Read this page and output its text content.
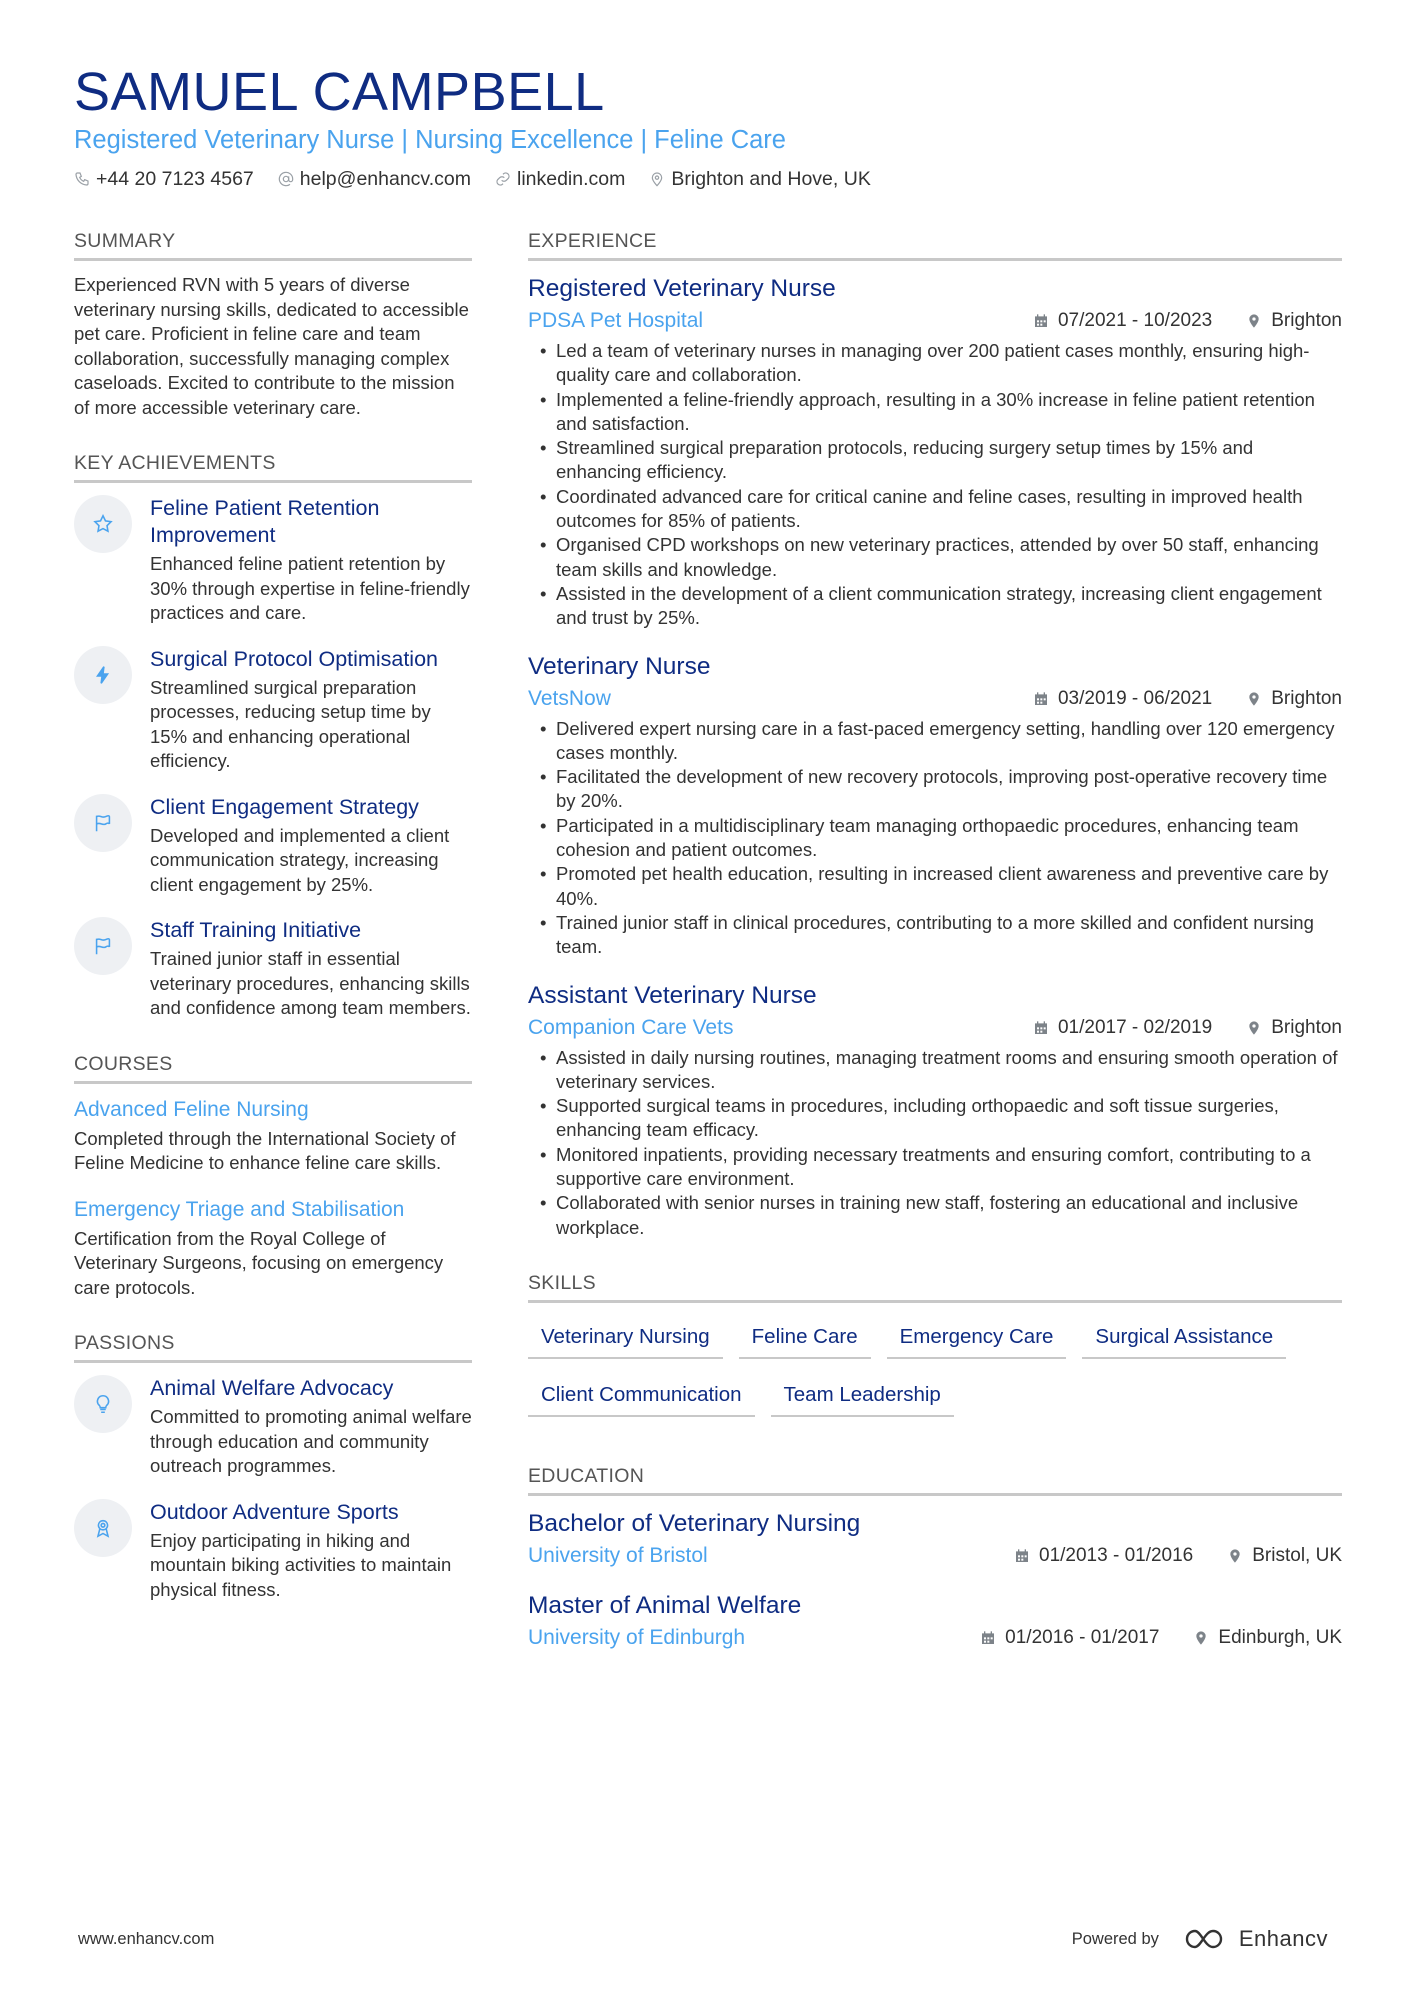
SAMUEL CAMPBELL
Registered Veterinary Nurse | Nursing Excellence | Feline Care
+44 20 7123 4567 help@enhancv.com linkedin.com Brighton and Hove, UK
SUMMARY
Experienced RVN with 5 years of diverse veterinary nursing skills, dedicated to accessible pet care. Proficient in feline care and team collaboration, successfully managing complex caseloads. Excited to contribute to the mission of more accessible veterinary care.
KEY ACHIEVEMENTS
Feline Patient Retention Improvement
Enhanced feline patient retention by 30% through expertise in feline-friendly practices and care.
Surgical Protocol Optimisation
Streamlined surgical preparation processes, reducing setup time by 15% and enhancing operational efficiency.
Client Engagement Strategy
Developed and implemented a client communication strategy, increasing client engagement by 25%.
Staff Training Initiative
Trained junior staff in essential veterinary procedures, enhancing skills and confidence among team members.
COURSES
Advanced Feline Nursing
Completed through the International Society of Feline Medicine to enhance feline care skills.
Emergency Triage and Stabilisation
Certification from the Royal College of Veterinary Surgeons, focusing on emergency care protocols.
PASSIONS
Animal Welfare Advocacy
Committed to promoting animal welfare through education and community outreach programmes.
Outdoor Adventure Sports
Enjoy participating in hiking and mountain biking activities to maintain physical fitness.
EXPERIENCE
Registered Veterinary Nurse
PDSA Pet Hospital	07/2021 - 10/2023	Brighton
• Led a team of veterinary nurses in managing over 200 patient cases monthly, ensuring high-quality care and collaboration.
• Implemented a feline-friendly approach, resulting in a 30% increase in feline patient retention and satisfaction.
• Streamlined surgical preparation protocols, reducing surgery setup times by 15% and enhancing efficiency.
• Coordinated advanced care for critical canine and feline cases, resulting in improved health outcomes for 85% of patients.
• Organised CPD workshops on new veterinary practices, attended by over 50 staff, enhancing team skills and knowledge.
• Assisted in the development of a client communication strategy, increasing client engagement and trust by 25%.
Veterinary Nurse
VetsNow	03/2019 - 06/2021	Brighton
• Delivered expert nursing care in a fast-paced emergency setting, handling over 120 emergency cases monthly.
• Facilitated the development of new recovery protocols, improving post-operative recovery time by 20%.
• Participated in a multidisciplinary team managing orthopaedic procedures, enhancing team cohesion and patient outcomes.
• Promoted pet health education, resulting in increased client awareness and preventive care by 40%.
• Trained junior staff in clinical procedures, contributing to a more skilled and confident nursing team.
Assistant Veterinary Nurse
Companion Care Vets	01/2017 - 02/2019	Brighton
• Assisted in daily nursing routines, managing treatment rooms and ensuring smooth operation of veterinary services.
• Supported surgical teams in procedures, including orthopaedic and soft tissue surgeries, enhancing team efficacy.
• Monitored inpatients, providing necessary treatments and ensuring comfort, contributing to a supportive care environment.
• Collaborated with senior nurses in training new staff, fostering an educational and inclusive workplace.
SKILLS
Veterinary Nursing	Feline Care	Emergency Care	Surgical Assistance
Client Communication	Team Leadership
EDUCATION
Bachelor of Veterinary Nursing
University of Bristol	01/2013 - 01/2016	Bristol, UK
Master of Animal Welfare
University of Edinburgh	01/2016 - 01/2017	Edinburgh, UK
www.enhancv.com	Powered by	Enhancv
